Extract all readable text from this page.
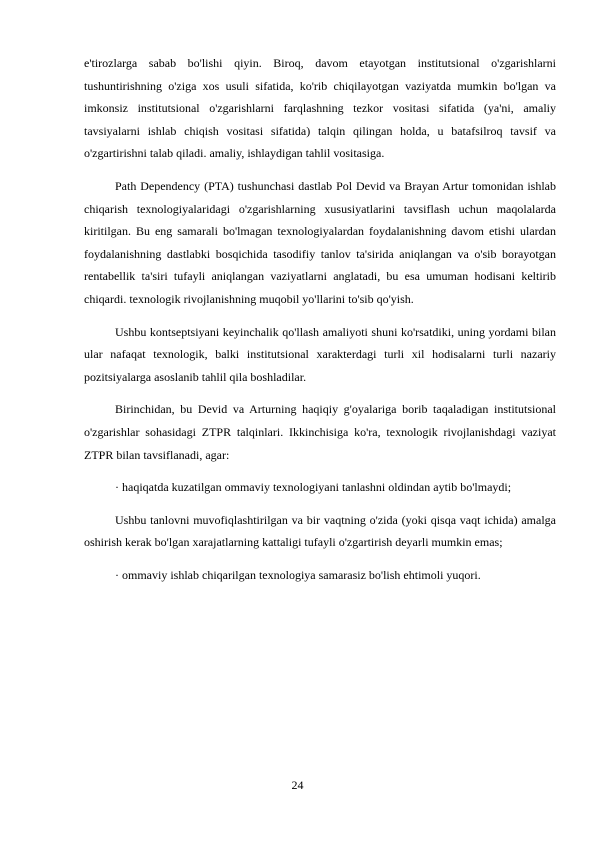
e'tirozlarga sabab bo'lishi qiyin. Biroq, davom etayotgan institutsional o'zgarishlarni tushuntirishning o'ziga xos usuli sifatida, ko'rib chiqilayotgan vaziyatda mumkin bo'lgan va imkonsiz institutsional o'zgarishlarni farqlashning tezkor vositasi sifatida (ya'ni, amaliy tavsiyalarni ishlab chiqish vositasi sifatida) talqin qilingan holda, u batafsilroq tavsif va o'zgartirishni talab qiladi. amaliy, ishlaydigan tahlil vositasiga.

Path Dependency (PTA) tushunchasi dastlab Pol Devid va Brayan Artur tomonidan ishlab chiqarish texnologiyalaridagi o'zgarishlarning xususiyatlarini tavsiflash uchun maqolalarda kiritilgan. Bu eng samarali bo'lmagan texnologiyalardan foydalanishning davom etishi ulardan foydalanishning dastlabki bosqichida tasodifiy tanlov ta'sirida aniqlangan va o'sib borayotgan rentabellik ta'siri tufayli aniqlangan vaziyatlarni anglatadi, bu esa umuman hodisani keltirib chiqardi. texnologik rivojlanishning muqobil yo'llarini to'sib qo'yish.

Ushbu kontseptsiyani keyinchalik qo'llash amaliyoti shuni ko'rsatdiki, uning yordami bilan ular nafaqat texnologik, balki institutsional xarakterdagi turli xil hodisalarni turli nazariy pozitsiyalarga asoslanib tahlil qila boshladilar.

Birinchidan, bu Devid va Arturning haqiqiy g'oyalariga borib taqaladigan institutsional o'zgarishlar sohasidagi ZTPR talqinlari. Ikkinchisiga ko'ra, texnologik rivojlanishdagi vaziyat ZTPR bilan tavsiflanadi, agar:

· haqiqatda kuzatilgan ommaviy texnologiyani tanlashni oldindan aytib bo'lmaydi;

Ushbu tanlovni muvofiqlashtirilgan va bir vaqtning o'zida (yoki qisqa vaqt ichida) amalga oshirish kerak bo'lgan xarajatlarning kattaligi tufayli o'zgartirish deyarli mumkin emas;

· ommaviy ishlab chiqarilgan texnologiya samarasiz bo'lish ehtimoli yuqori.

24
